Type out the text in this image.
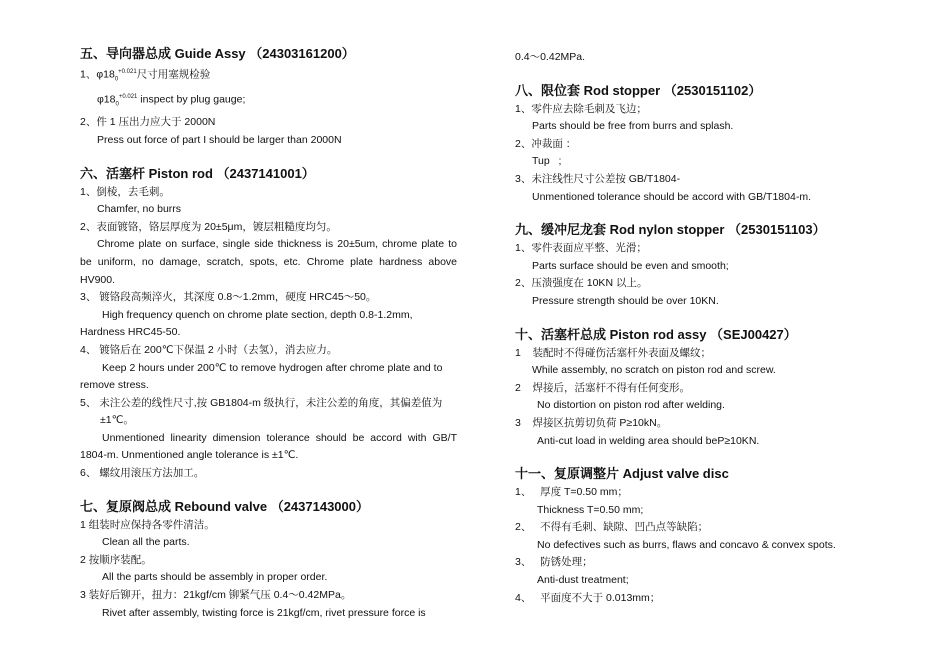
五、导向器总成 Guide Assy （24303161200）
1、$\varphi 18_0^{+0.021}$尺寸用塞规检验
$\varphi 18_0^{+0.021}$ inspect by plug gauge;
2、件 1 压出力应大于 2000N
Press out force of part I should be larger than 2000N
六、活塞杆 Piston rod （2437141001）
1、倒棱，去毛刺。
Chamfer, no burrs
2、表面镀铬，铬层厚度为 20±5μm，镀层粗糙度均匀。
Chrome plate on surface, single side thickness is 20±5um, chrome plate to be uniform, no damage, scratch, spots, etc. Chrome plate hardness above HV900.
3、 镀铬段高频淬火，其深度 0.8～1.2mm，硬度 HRC45～50。
High frequency quench on chrome plate section, depth 0.8-1.2mm, Hardness HRC45-50.
4、 镀铬后在 200℃下保温 2 小时（去氢），消去应力。
Keep 2 hours under 200℃ to remove hydrogen after chrome plate and to remove stress.
5、 未注公差的线性尺寸,按 GB1804-m 级执行，未注公差的角度，其偏差值为±1℃。
Unmentioned linearity dimension tolerance should be accord with GB/T 1804-m. Unmentioned angle tolerance is ±1℃.
6、 螺纹用滚压方法加工。
七、复原阀总成 Rebound valve （2437143000）
1 组装时应保持各零件清洁。
Clean all the parts.
2 按顺序装配。
All the parts should be assembly in proper order.
3 装好后铆开，扭力：21kgf/cm 铆紧气压 0.4～0.42MPa。
Rivet after assembly, twisting force is 21kgf/cm, rivet pressure force is
0.4～0.42MPa.
八、限位套 Rod stopper （2530151102）
1、零件应去除毛刺及飞边；
Parts should be free from burrs and splash.
2、冲裁面 ：
Tup   ;
3、未注线性尺寸公差按 GB/T1804-
Unmentioned tolerance should be accord with GB/T1804-m.
九、缓冲尼龙套 Rod nylon stopper （2530151103）
1、零件表面应平整、光滑；
Parts surface should be even and smooth;
2、压溃强度在 10KN 以上。
Pressure strength should be over 10KN.
十、活塞杆总成 Piston rod assy （SEJ00427）
1    装配时不得碰伤活塞杆外表面及螺纹；
While assembly, no scratch on piston rod and screw.
2    焊接后，活塞杆不得有任何变形。
No distortion on piston rod after welding.
3    焊接区抗剪切负荷 P≥10kN。
Anti-cut load in welding area should beP≥10KN.
十一、复原调整片 Adjust valve disc
1、   厚度 T=0.50 mm；
Thickness T=0.50 mm;
2、   不得有毛刺、缺隙、凹凸点等缺陷；
No defectives such as burrs, flaws and concavo & convex spots.
3、   防锈处理；
Anti-dust treatment;
4、   平面度不大于 0.013mm；
